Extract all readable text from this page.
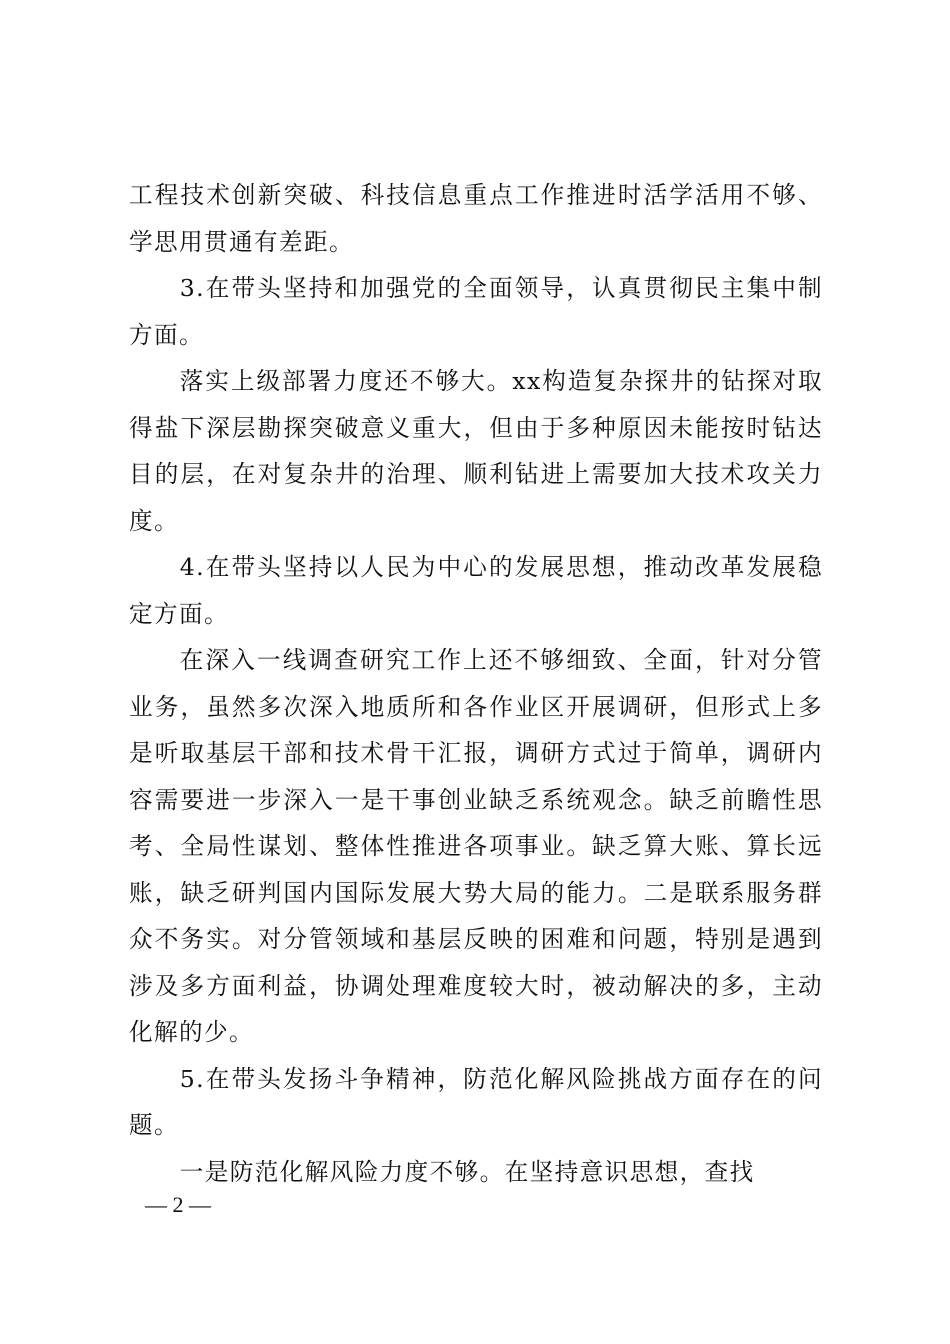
工程技术创新突破、科技信息重点工作推进时活学活用不够、学思用贯通有差距。

3.在带头坚持和加强党的全面领导，认真贯彻民主集中制方面。

落实上级部署力度还不够大。xx构造复杂探井的钻探对取得盐下深层勘探突破意义重大，但由于多种原因未能按时钻达目的层，在对复杂井的治理、顺利钻进上需要加大技术攻关力度。

4.在带头坚持以人民为中心的发展思想，推动改革发展稳定方面。

在深入一线调查研究工作上还不够细致、全面，针对分管业务，虽然多次深入地质所和各作业区开展调研，但形式上多是听取基层干部和技术骨干汇报，调研方式过于简单，调研内容需要进一步深入一是干事创业缺乏系统观念。缺乏前瞻性思考、全局性谋划、整体性推进各项事业。缺乏算大账、算长远账，缺乏研判国内国际发展大势大局的能力。二是联系服务群众不务实。对分管领域和基层反映的困难和问题，特别是遇到涉及多方面利益，协调处理难度较大时，被动解决的多，主动化解的少。

5.在带头发扬斗争精神，防范化解风险挑战方面存在的问题。

一是防范化解风险力度不够。在坚持意识思想，查找

— 2 —
